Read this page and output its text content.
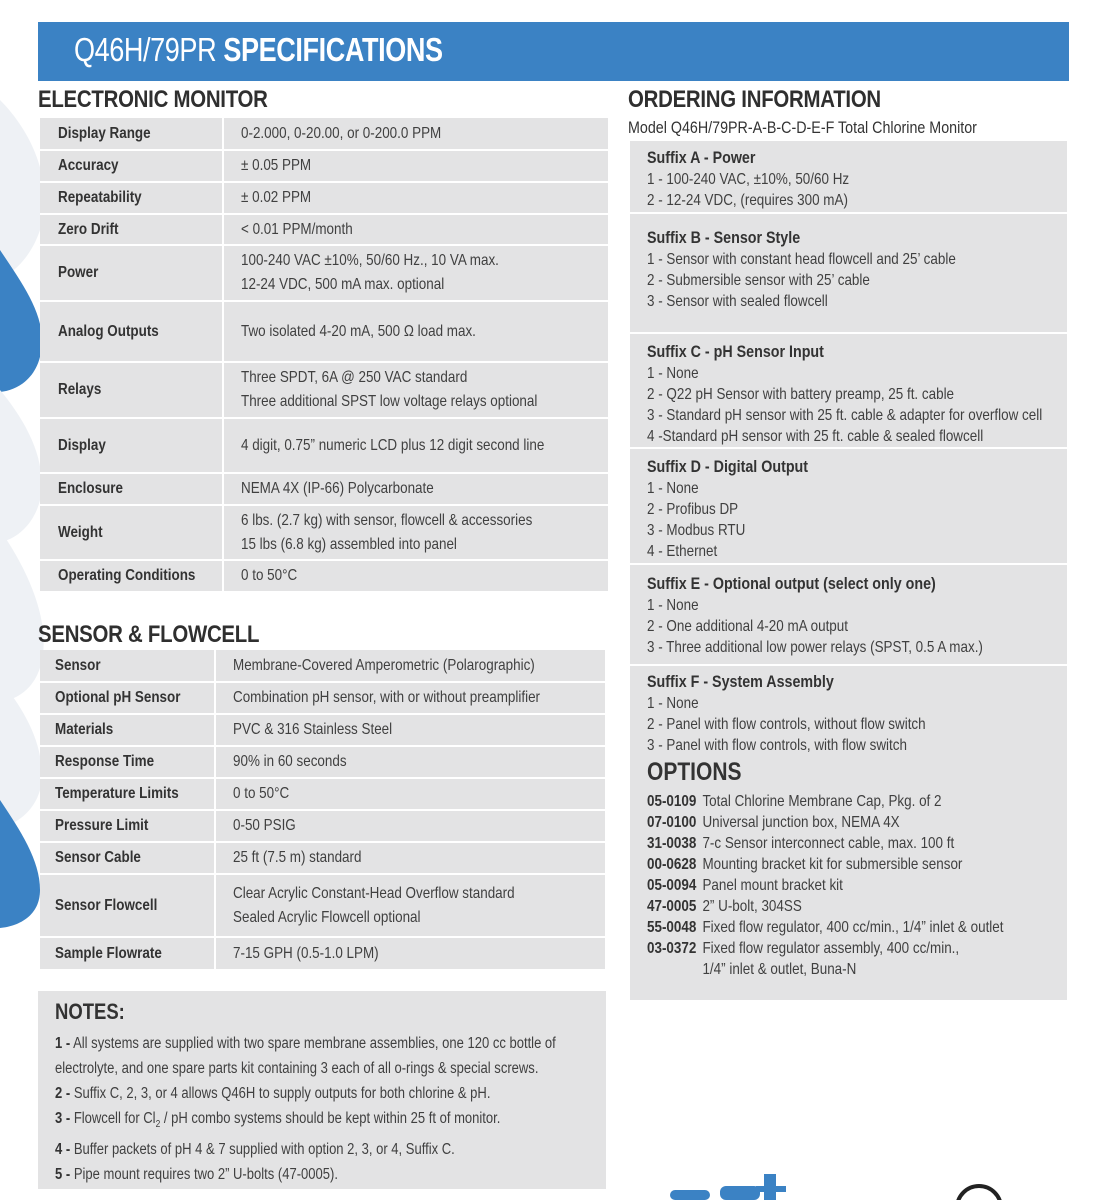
Q46H/79PR SPECIFICATIONS
ELECTRONIC MONITOR
Display Range	0-2.000, 0-20.00, or 0-200.0 PPM
Accuracy	± 0.05 PPM
Repeatability	± 0.02 PPM
Zero Drift	< 0.01 PPM/month
Power	100-240 VAC ±10%, 50/60 Hz., 10 VA max.
12-24 VDC, 500 mA max. optional
Analog Outputs	Two isolated 4-20 mA, 500 Ω load max.
Relays	Three SPDT, 6A @ 250 VAC standard
Three additional SPST low voltage relays optional
Display	4 digit, 0.75” numeric LCD plus 12 digit second line
Enclosure	NEMA 4X (IP-66) Polycarbonate
Weight	6 lbs. (2.7 kg) with sensor, flowcell & accessories
15 lbs (6.8 kg) assembled into panel
Operating Conditions	0 to 50°C
SENSOR & FLOWCELL
Sensor	Membrane-Covered Amperometric (Polarographic)
Optional pH Sensor	Combination pH sensor, with or without preamplifier
Materials	PVC & 316 Stainless Steel
Response Time	90% in 60 seconds
Temperature Limits	0 to 50°C
Pressure Limit	0-50 PSIG
Sensor Cable	25 ft (7.5 m) standard
Sensor Flowcell	Clear Acrylic Constant-Head Overflow standard
Sealed Acrylic Flowcell optional
Sample Flowrate	7-15 GPH (0.5-1.0 LPM)
NOTES:
1 - All systems are supplied with two spare membrane assemblies, one 120 cc bottle of
electrolyte, and one spare parts kit containing 3 each of all o-rings & special screws.
2 - Suffix C, 2, 3, or 4 allows Q46H to supply outputs for both chlorine & pH.
3 - Flowcell for $Cl_2$ / pH combo systems should be kept within 25 ft of monitor.
4 - Buffer packets of pH 4 & 7 supplied with option 2, 3, or 4, Suffix C.
5 - Pipe mount requires two 2” U-bolts (47-0005).
ORDERING INFORMATION
Model Q46H/79PR-A-B-C-D-E-F Total Chlorine Monitor
Suffix A - Power
1 - 100-240 VAC, ±10%, 50/60 Hz
2 - 12-24 VDC, (requires 300 mA)
Suffix B - Sensor Style
1 - Sensor with constant head flowcell and 25’ cable
2 - Submersible sensor with 25’ cable
3 - Sensor with sealed flowcell
Suffix C - pH Sensor Input
1 - None
2 - Q22 pH Sensor with battery preamp, 25 ft. cable
3 - Standard pH sensor with 25 ft. cable & adapter for overflow cell
4 -Standard pH sensor with 25 ft. cable & sealed flowcell
Suffix D - Digital Output
1 - None
2 - Profibus DP
3 - Modbus RTU
4 - Ethernet
Suffix E - Optional output (select only one)
1 - None
2 - One additional 4-20 mA output
3 - Three additional low power relays (SPST, 0.5 A max.)
Suffix F - System Assembly
1 - None
2 - Panel with flow controls, without flow switch
3 - Panel with flow controls, with flow switch
OPTIONS
05-0109 Total Chlorine Membrane Cap, Pkg. of 2
07-0100 Universal junction box, NEMA 4X
31-0038 7-c Sensor interconnect cable, max. 100 ft
00-0628 Mounting bracket kit for submersible sensor
05-0094 Panel mount bracket kit
47-0005 2” U-bolt, 304SS
55-0048 Fixed flow regulator, 400 cc/min., 1/4” inlet & outlet
03-0372 Fixed flow regulator assembly, 400 cc/min.,
1/4” inlet & outlet, Buna-N
